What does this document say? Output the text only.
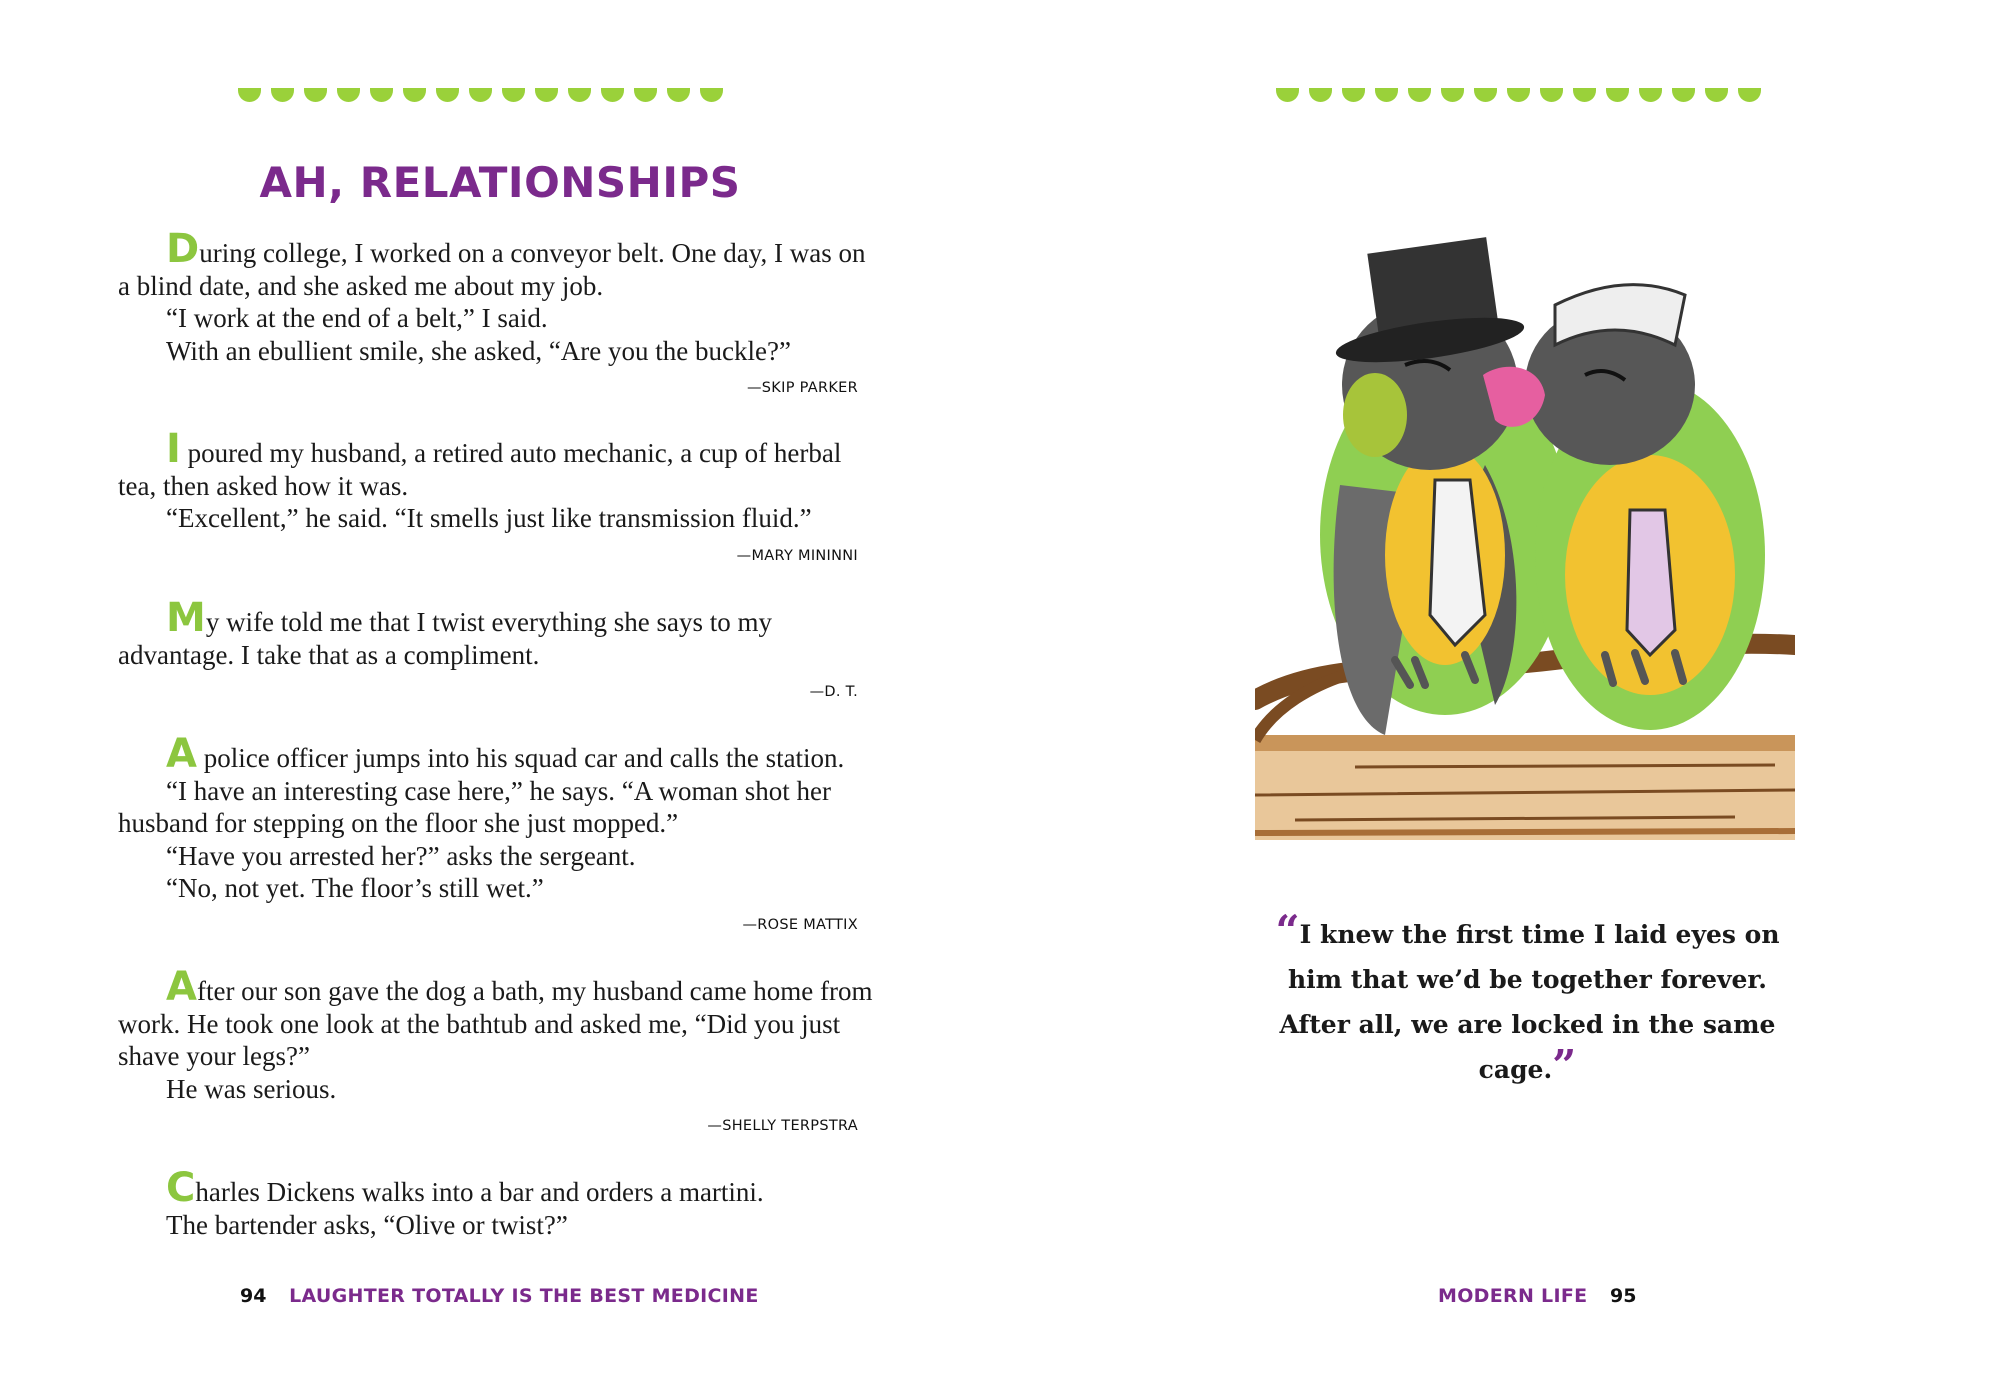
AH, RELATIONSHIPS

During college, I worked on a conveyor belt. One day, I was on a blind date, and she asked me about my job.

“I work at the end of a belt,” I said.

With an ebullient smile, she asked, “Are you the buckle?”

—SKIP PARKER

I poured my husband, a retired auto mechanic, a cup of herbal tea, then asked how it was.

“Excellent,” he said. “It smells just like transmission fluid.”

—MARY MININNI

My wife told me that I twist everything she says to my advantage. I take that as a compliment.

—D. T.

A police officer jumps into his squad car and calls the station.

“I have an interesting case here,” he says. “A woman shot her husband for stepping on the floor she just mopped.”

“Have you arrested her?” asks the sergeant.

“No, not yet. The floor’s still wet.”

—ROSE MATTIX

After our son gave the dog a bath, my husband came home from work. He took one look at the bathtub and asked me, “Did you just shave your legs?”

He was serious.

—SHELLY TERPSTRA

Charles Dickens walks into a bar and orders a martini.

The bartender asks, “Olive or twist?”

94 LAUGHTER TOTALLY IS THE BEST MEDICINE
“I knew the first time I laid eyes on him that we’d be together forever. After all, we are locked in the same cage.”
MODERN LIFE 95
